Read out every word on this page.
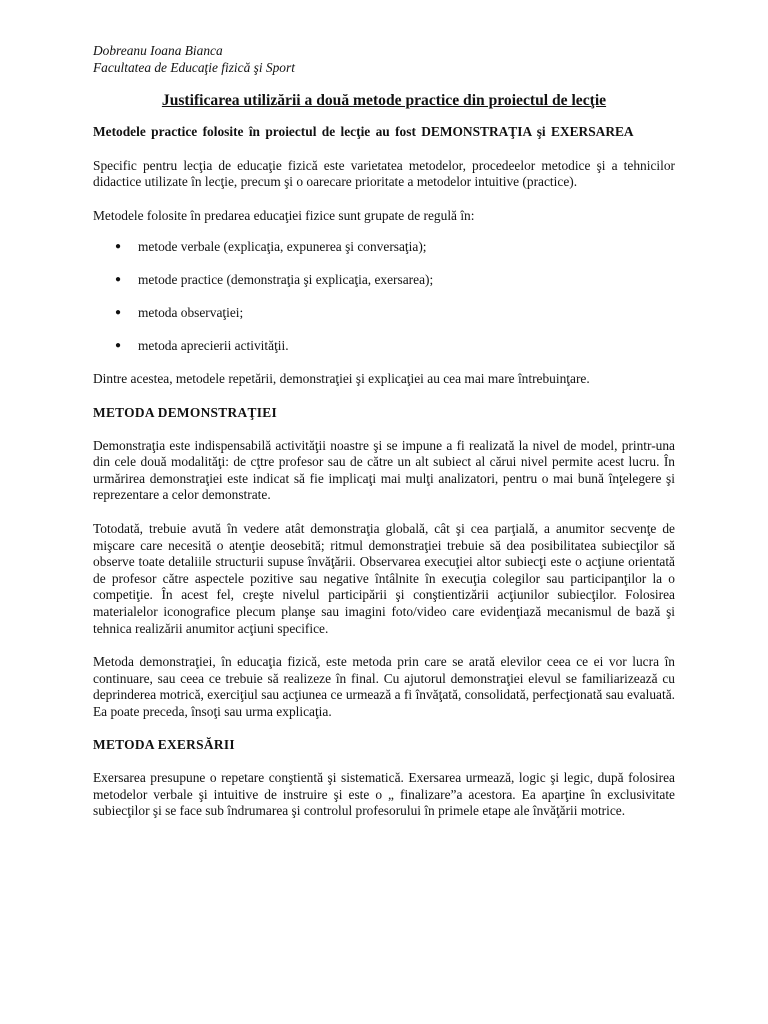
Dobreanu Ioana Bianca

Facultatea de Educaţie fizică şi Sport

Justificarea utilizării a două metode practice din proiectul de lecţie
Metodele practice folosite în proiectul de lecţie au fost DEMONSTRAŢIA şi EXERSAREA

Specific pentru lecţia de educaţie fizică este varietatea metodelor, procedeelor metodice şi a tehnicilor didactice utilizate în lecţie, precum şi o oarecare prioritate a metodelor intuitive (practice).

Metodele folosite în predarea educaţiei fizice sunt grupate de regulă în:

● metode verbale (explicaţia, expunerea şi conversaţia);
● metode practice (demonstraţia şi explicaţia, exersarea);
● metoda observaţiei;
● metoda aprecierii activităţii.

Dintre acestea, metodele repetării, demonstraţiei şi explicaţiei au cea mai mare întrebuinţare.

METODA DEMONSTRAŢIEI

Demonstraţia este indispensabilă activităţii noastre şi se impune a fi realizată la nivel de model, printr-una din cele două modalităţi: de cţtre profesor sau de către un alt subiect al cărui nivel permite acest lucru. În urmărirea demonstraţiei este indicat să fie implicaţi mai mulţi analizatori, pentru o mai bună înţelegere şi reprezentare a celor demonstrate.

Totodată, trebuie avută în vedere atât demonstraţia globală, cât şi cea parţială, a anumitor secvenţe de mişcare care necesită o atenţie deosebită; ritmul demonstraţiei trebuie să dea posibilitatea subiecţilor să observe toate detaliile structurii supuse învăţării. Observarea execuţiei altor subiecţi este o acţiune orientată de profesor către aspectele pozitive sau negative întâlnite în execuţia colegilor sau participanţilor la o competiţie. În acest fel, creşte nivelul participării şi conştientizării acţiunilor subiecţilor. Folosirea materialelor iconografice plecum planşe sau imagini foto/video care evidenţiază mecanismul de bază şi tehnica realizării anumitor acţiuni specifice.

Metoda demonstraţiei, în educaţia fizică, este metoda prin care se arată elevilor ceea ce ei vor lucra în continuare, sau ceea ce trebuie să realizeze în final. Cu ajutorul demonstraţiei elevul se familiarizează cu deprinderea motrică, exerciţiul sau acţiunea ce urmează a fi învăţată, consolidată, perfecţionată sau evaluată. Ea poate preceda, însoţi sau urma explicaţia.

METODA EXERSĂRII

Exersarea presupune o repetare conştientă şi sistematică. Exersarea urmează, logic şi legic, după folosirea metodelor verbale şi intuitive de instruire şi este o „ finalizare”a acestora. Ea aparţine în exclusivitate subiecţilor şi se face sub îndrumarea şi controlul profesorului în primele etape ale învăţării motrice.
